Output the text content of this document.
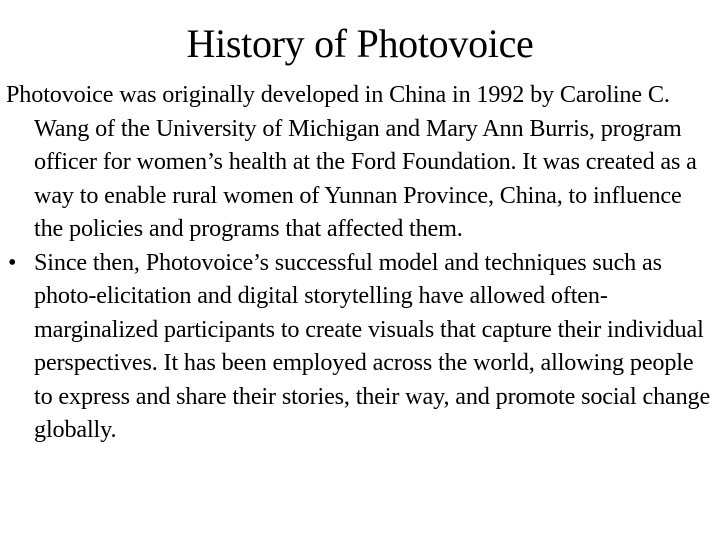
History of Photovoice

Photovoice was originally developed in China in 1992 by Caroline C. Wang of the University of Michigan and Mary Ann Burris, program officer for women’s health at the Ford Foundation. It was created as a way to enable rural women of Yunnan Province, China, to influence the policies and programs that affected them.

• Since then, Photovoice’s successful model and techniques such as photo-elicitation and digital storytelling have allowed often-marginalized participants to create visuals that capture their individual perspectives. It has been employed across the world, allowing people to express and share their stories, their way, and promote social change globally.
